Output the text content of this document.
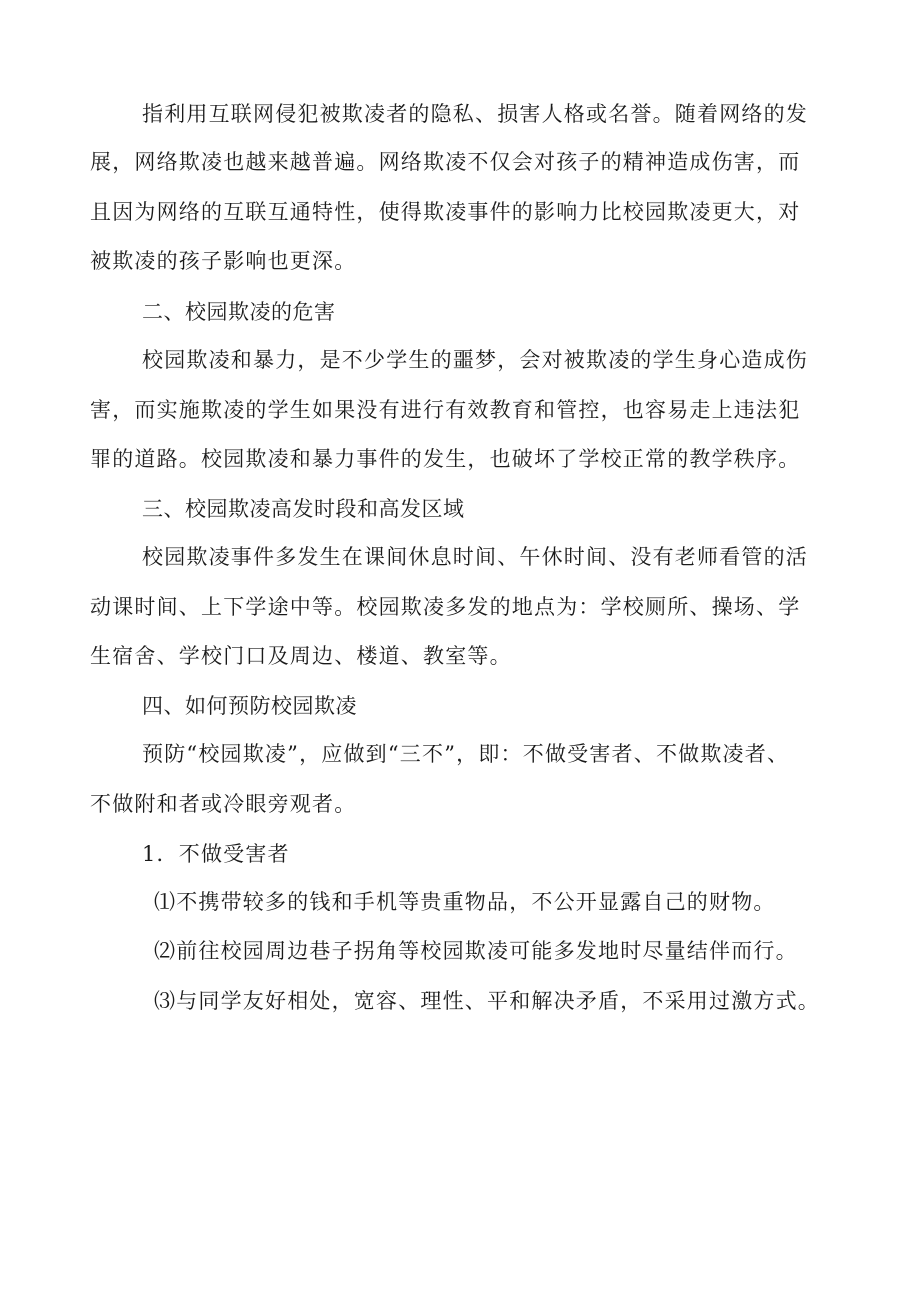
指利用互联网侵犯被欺凌者的隐私、损害人格或名誉。随着网络的发
展，网络欺凌也越来越普遍。网络欺凌不仅会对孩子的精神造成伤害，而
且因为网络的互联互通特性，使得欺凌事件的影响力比校园欺凌更大，对
被欺凌的孩子影响也更深。
二、校园欺凌的危害
校园欺凌和暴力，是不少学生的噩梦，会对被欺凌的学生身心造成伤
害，而实施欺凌的学生如果没有进行有效教育和管控，也容易走上违法犯
罪的道路。校园欺凌和暴力事件的发生，也破坏了学校正常的教学秩序。
三、校园欺凌高发时段和高发区域
校园欺凌事件多发生在课间休息时间、午休时间、没有老师看管的活
动课时间、上下学途中等。校园欺凌多发的地点为：学校厕所、操场、学
生宿舍、学校门口及周边、楼道、教室等。
四、如何预防校园欺凌
预防“校园欺凌”，应做到“三不”，即：不做受害者、不做欺凌者、
不做附和者或冷眼旁观者。
1．不做受害者
⑴不携带较多的钱和手机等贵重物品，不公开显露自己的财物。
⑵前往校园周边巷子拐角等校园欺凌可能多发地时尽量结伴而行。
⑶与同学友好相处，宽容、理性、平和解决矛盾，不采用过激方式。
